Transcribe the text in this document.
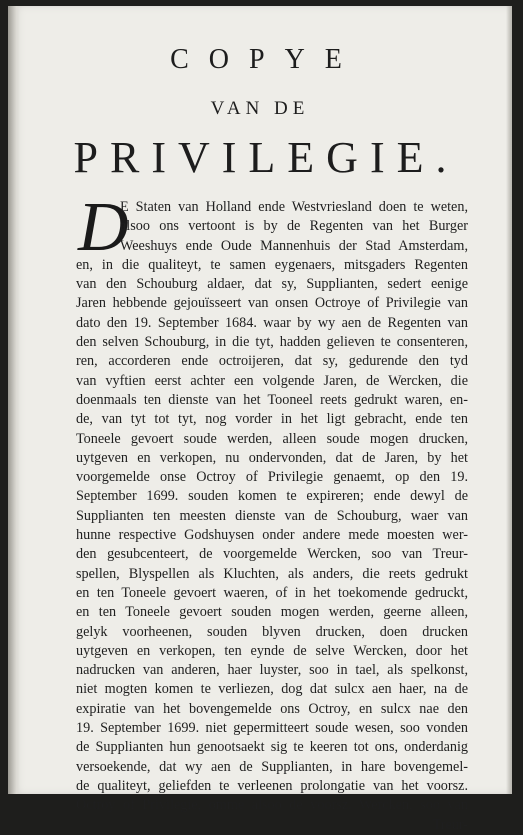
COPYE
VAN DE
PRIVILEGIE.
D
E Staten van Holland ende Westvriesland doen te weten,
alsoo ons vertoont is by de Regenten van het Burger
Weeshuys ende Oude Mannenhuis der Stad Amsterdam,
en, in die qualiteyt, te samen eygenaers, mitsgaders Regenten
van den Schouburg aldaer, dat sy, Supplianten, sedert eenige
Jaren hebbende gejouïsseert van onsen Octroye of Privilegie van
dato den 19. September 1684. waar by wy aen de Regenten van
den selven Schouburg, in die tyt, hadden gelieven te consenteren,
ren, accorderen ende octroijeren, dat sy, gedurende den tyd
van vyftien eerst achter een volgende Jaren, de Wercken, die
doenmaals ten dienste van het Tooneel reets gedrukt waren, en-
de, van tyt tot tyt, nog vorder in het ligt gebracht, ende ten
Toneele gevoert soude werden, alleen soude mogen drucken,
uytgeven en verkopen, nu ondervonden, dat de Jaren, by het
voorgemelde onse Octroy of Privilegie genaemt, op den 19.
September 1699. souden komen te expireren; ende dewyl de
Supplianten ten meesten dienste van de Schouburg, waer van
hunne respective Godshuysen onder andere mede moesten wer-
den gesubcenteert, de voorgemelde Wercken, soo van Treur-
spellen, Blyspellen als Kluchten, als anders, die reets gedrukt
en ten Toneele gevoert waeren, of in het toekomende gedruckt,
en ten Toneele gevoert souden mogen werden, geerne alleen,
gelyk voorheenen, souden blyven drucken, doen drucken
uytgeven en verkopen, ten eynde de selve Wercken, door het
nadrucken van anderen, haer luyster, soo in tael, als spelkonst,
niet mogten komen te verliezen, dog dat sulcx aen haer, na de
expiratie van het bovengemelde ons Octroy, en sulcx nae den
19. September 1699. niet gepermitteert soude wesen, soo vonden
de Supplianten hun genootsaekt sig te keeren tot ons, onderdanig
versoekende, dat wy aen de Supplianten, in hare bovengemel-
de qualiteyt, geliefden te verleenen prolongatie van het voorsz.
Octroy of Privilegie, omme alsoo de voorsz. Wercken, soo van
Treur-
